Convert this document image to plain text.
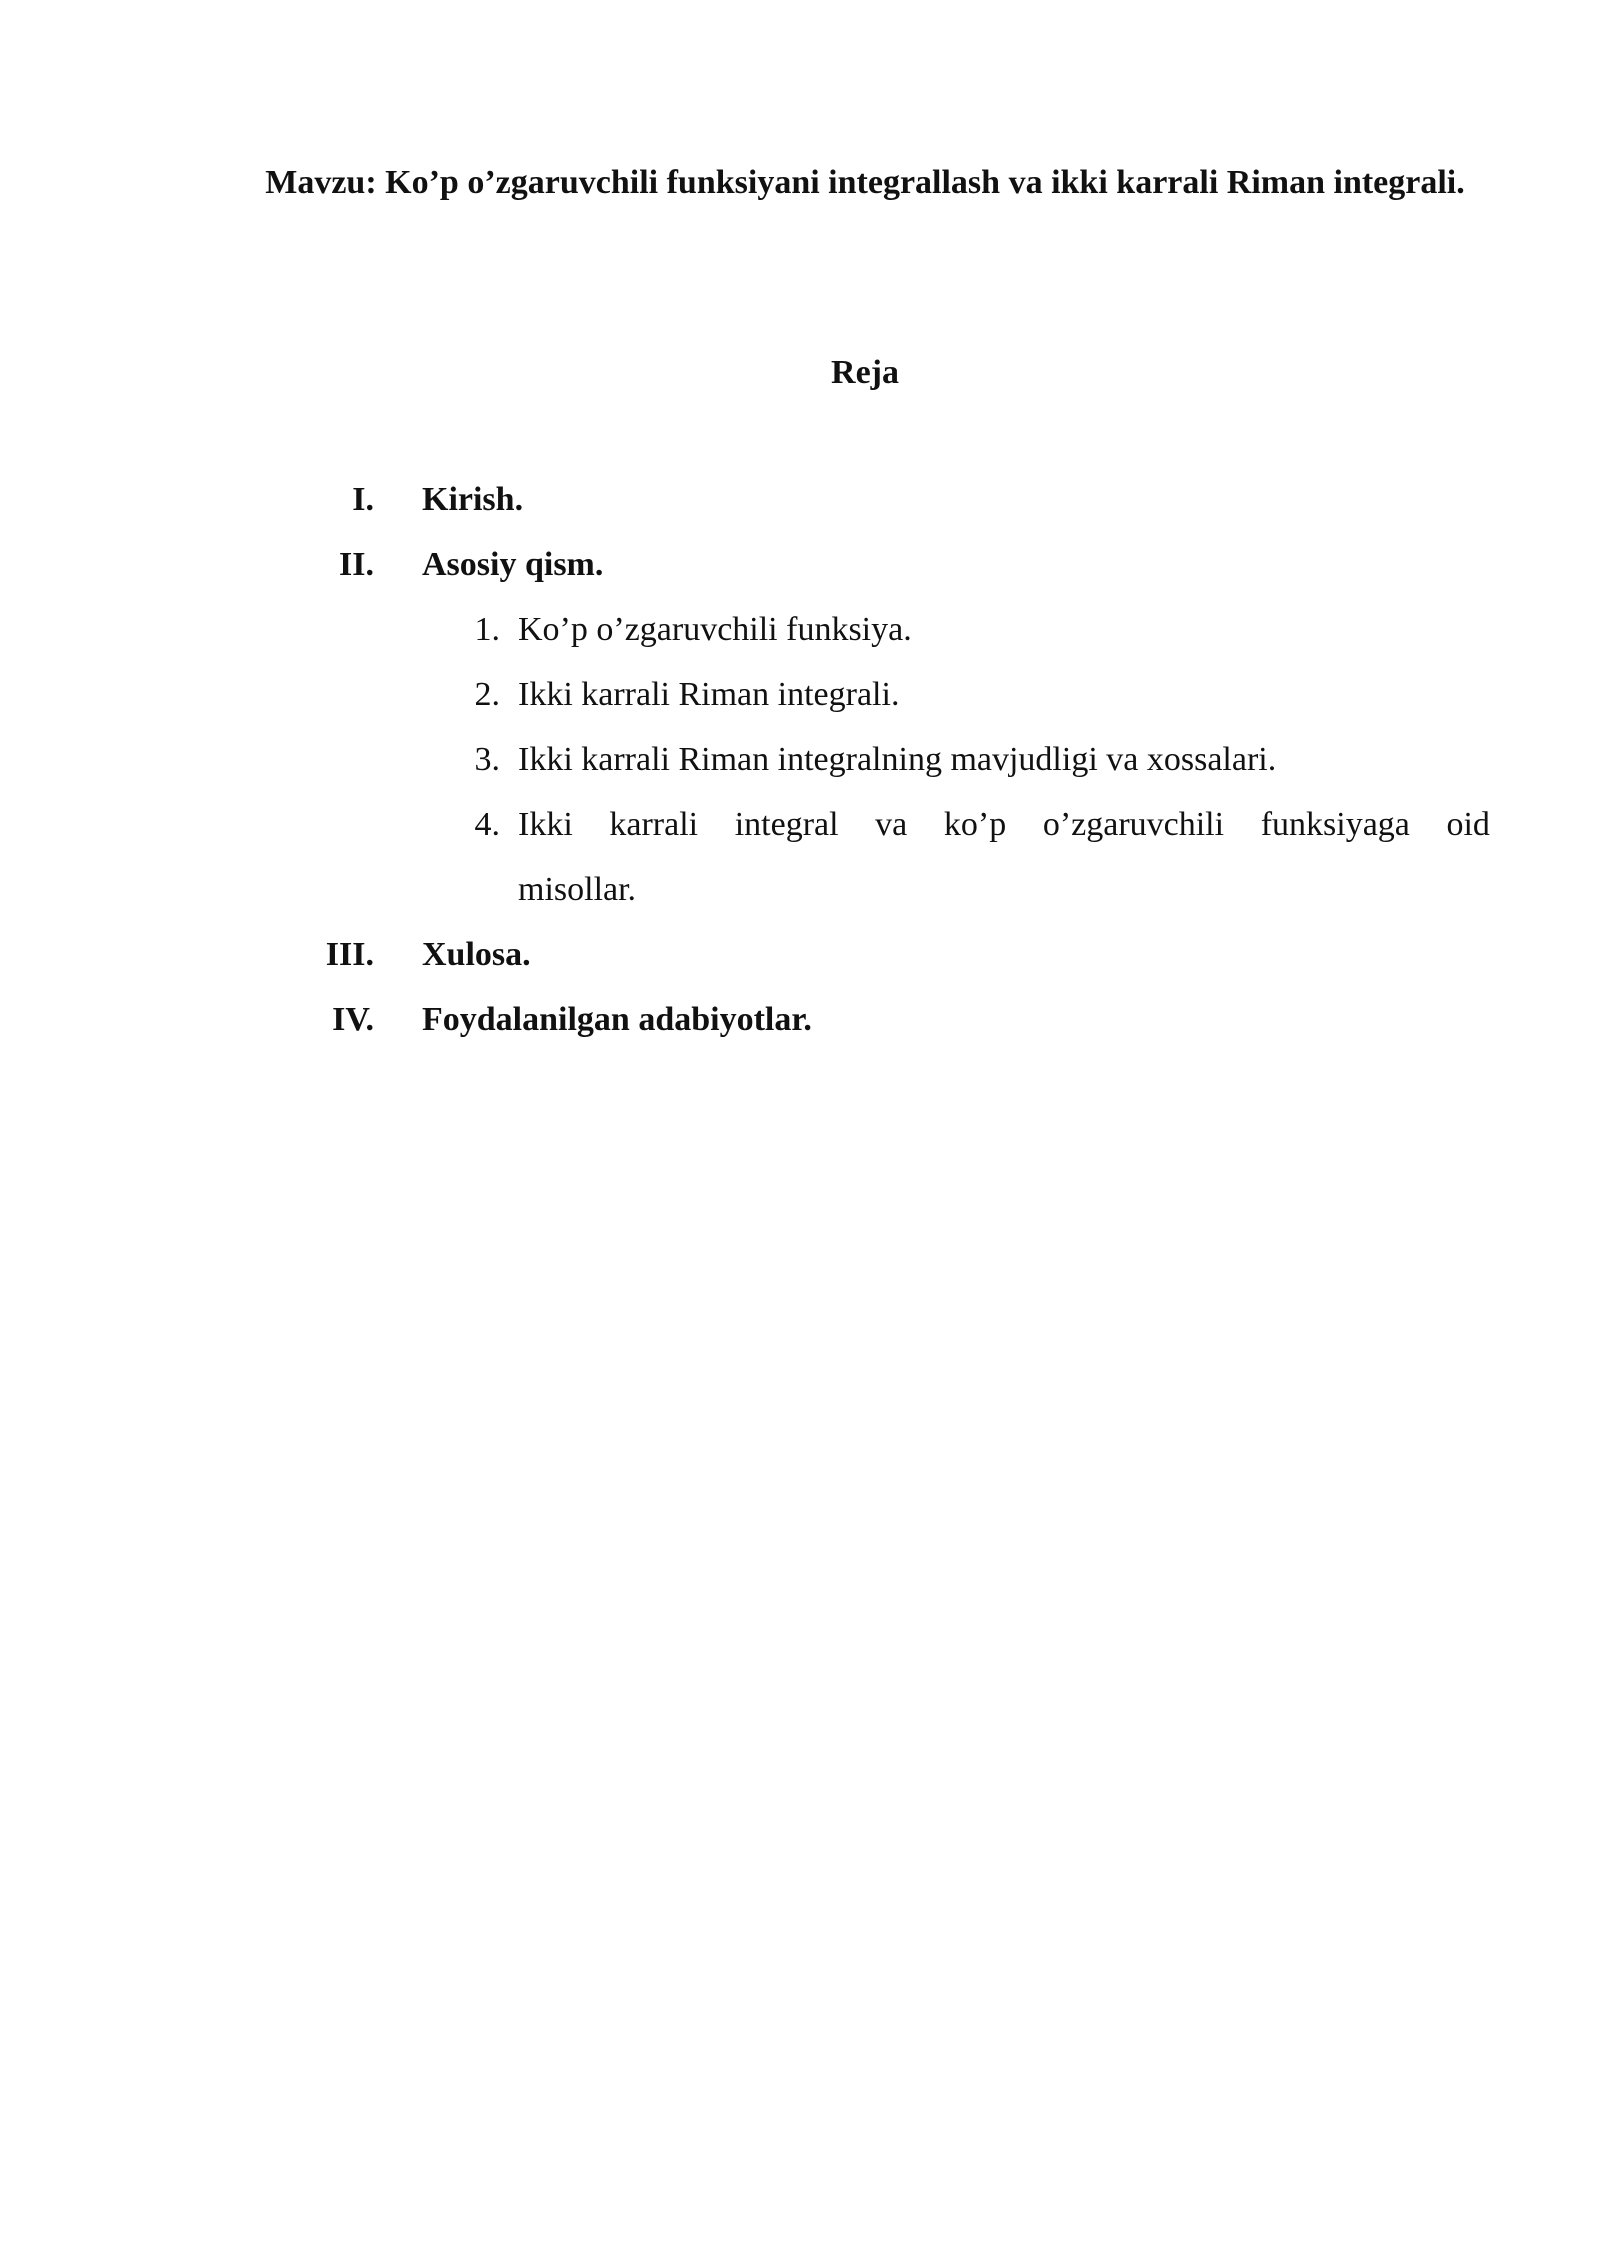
Mavzu: Ko’p o’zgaruvchili funksiyani integrallash va ikki karrali Riman integrali.
Reja
I. Kirish.
II. Asosiy qism.
1. Ko’p o’zgaruvchili funksiya.
2. Ikki karrali Riman integrali.
3. Ikki karrali Riman integralning mavjudligi va xossalari.
4. Ikki karrali integral va ko’p o’zgaruvchili funksiyaga oid
misollar.
III. Xulosa.
IV. Foydalanilgan adabiyotlar.
